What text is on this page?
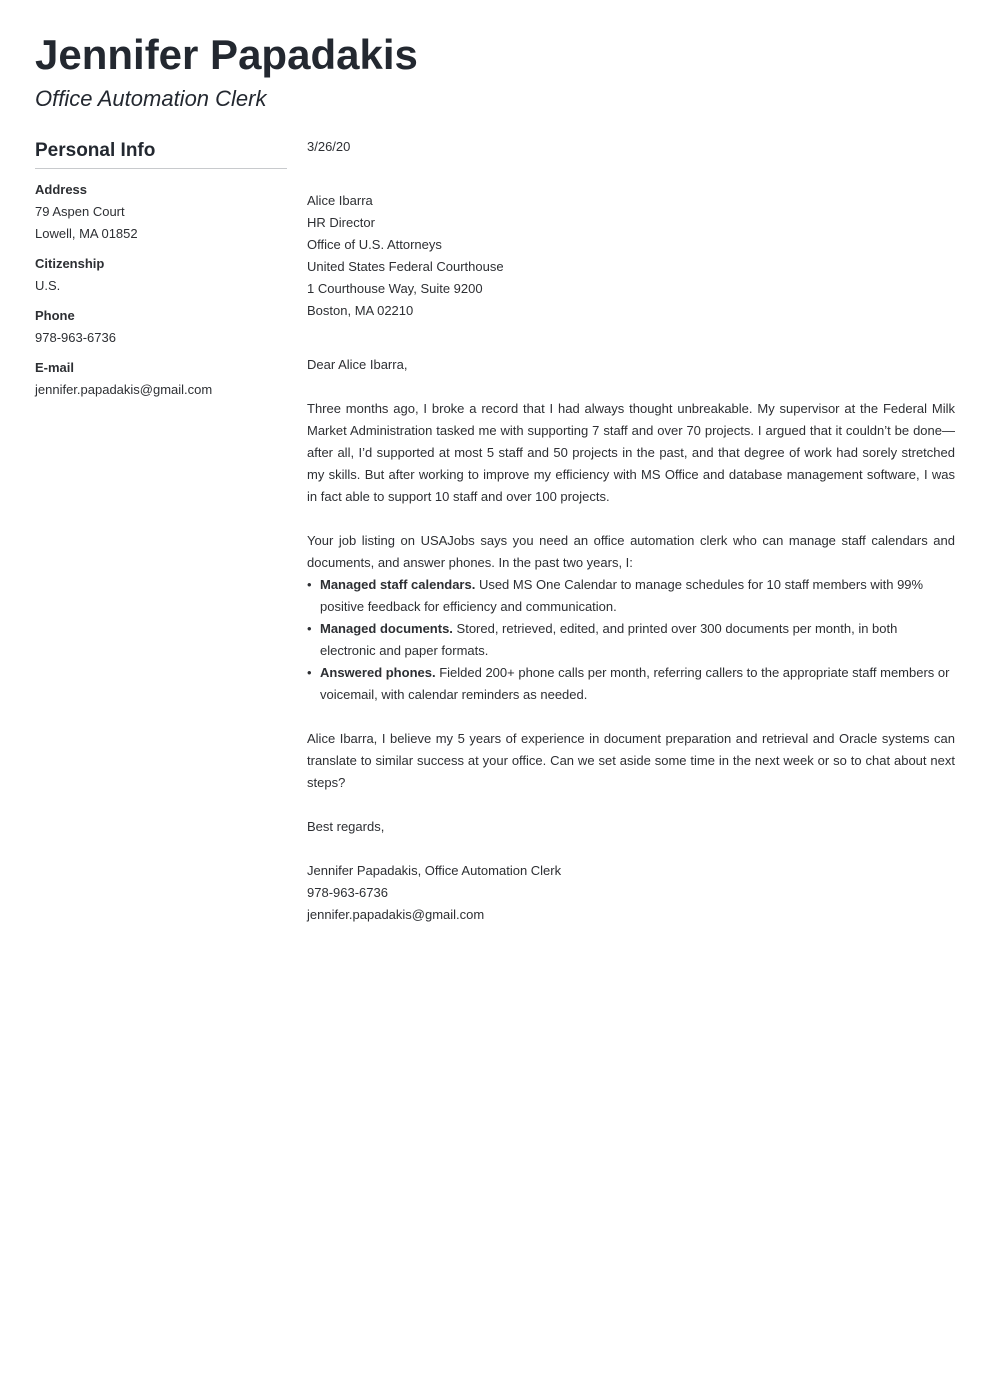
Jennifer Papadakis
Office Automation Clerk
Personal Info
Address
79 Aspen Court
Lowell, MA 01852
Citizenship
U.S.
Phone
978-963-6736
E-mail
jennifer.papadakis@gmail.com
3/26/20
Alice Ibarra
HR Director
Office of U.S. Attorneys
United States Federal Courthouse
1 Courthouse Way, Suite 9200
Boston, MA 02210
Dear Alice Ibarra,
Three months ago, I broke a record that I had always thought unbreakable. My supervisor at the Federal Milk Market Administration tasked me with supporting 7 staff and over 70 projects. I argued that it couldn’t be done—after all, I’d supported at most 5 staff and 50 projects in the past, and that degree of work had sorely stretched my skills. But after working to improve my efficiency with MS Office and database management software, I was in fact able to support 10 staff and over 100 projects.
Your job listing on USAJobs says you need an office automation clerk who can manage staff calendars and documents, and answer phones. In the past two years, I:
• Managed staff calendars. Used MS One Calendar to manage schedules for 10 staff members with 99% positive feedback for efficiency and communication.
• Managed documents. Stored, retrieved, edited, and printed over 300 documents per month, in both electronic and paper formats.
• Answered phones. Fielded 200+ phone calls per month, referring callers to the appropriate staff members or voicemail, with calendar reminders as needed.
Alice Ibarra, I believe my 5 years of experience in document preparation and retrieval and Oracle systems can translate to similar success at your office. Can we set aside some time in the next week or so to chat about next steps?
Best regards,
Jennifer Papadakis, Office Automation Clerk
978-963-6736
jennifer.papadakis@gmail.com
